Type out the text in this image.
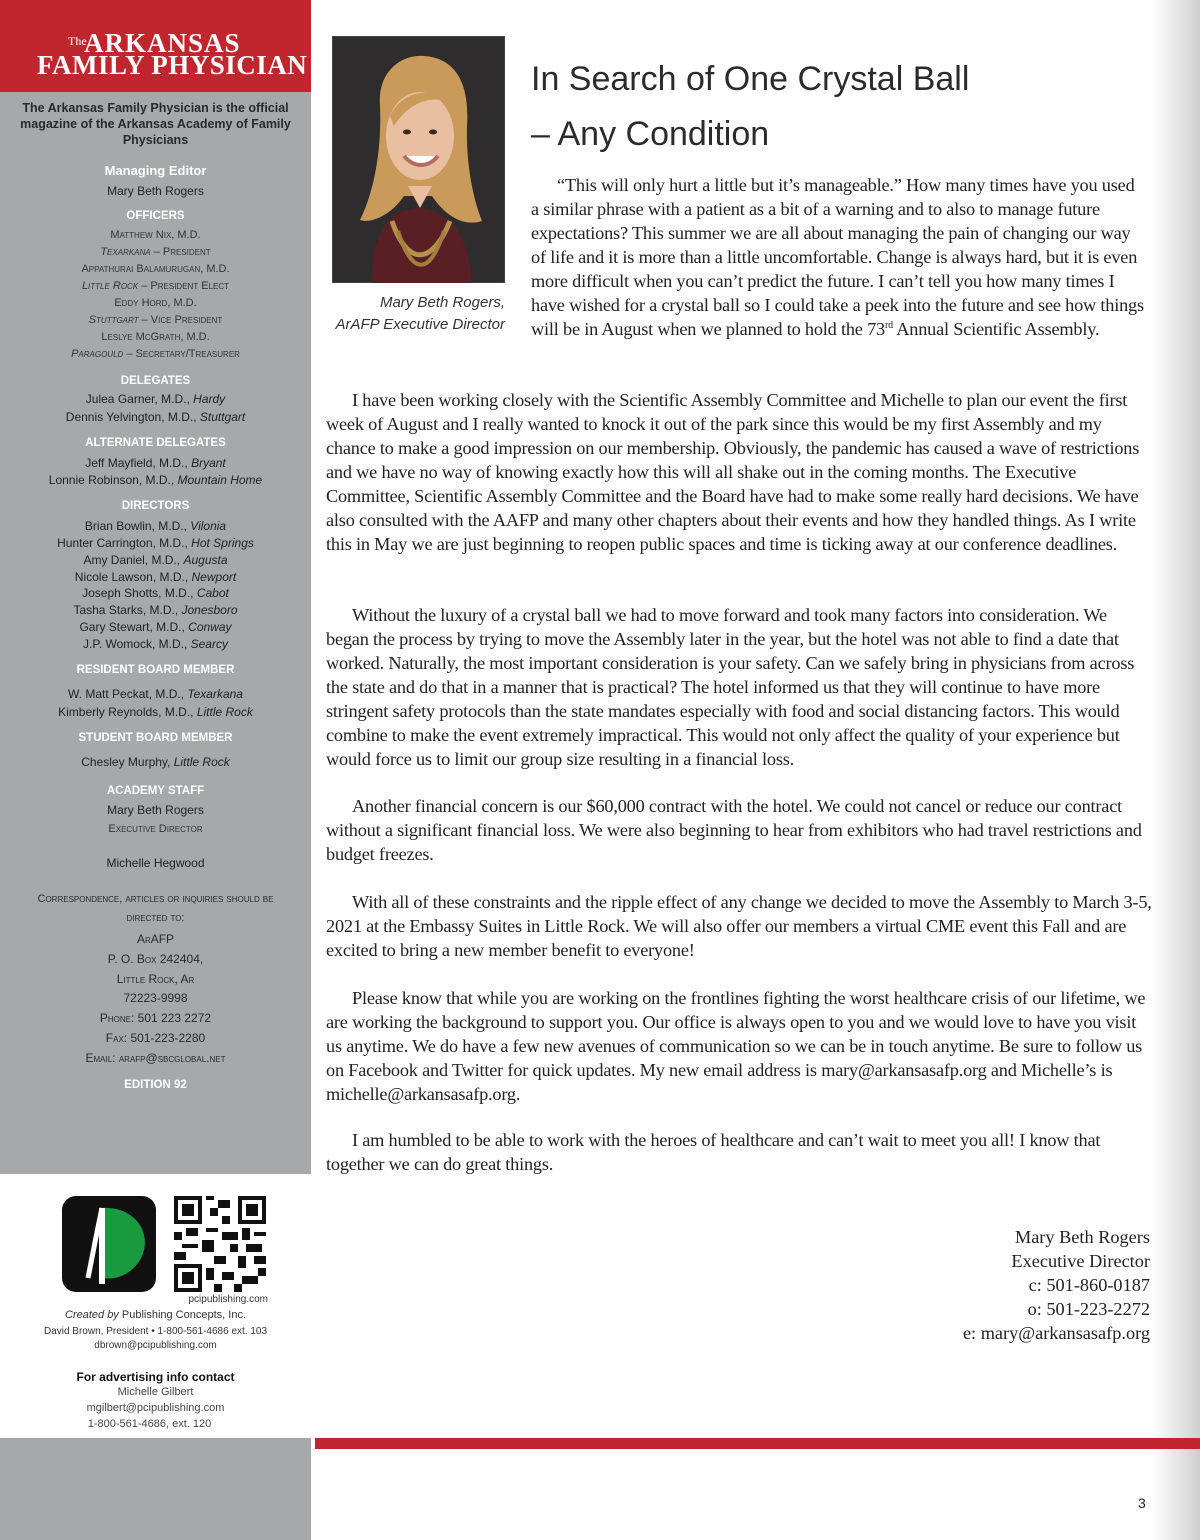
The
ARKANSAS
FAMILY PHYSICIAN
The Arkansas Family Physician is the official magazine of the Arkansas Academy of Family Physicians
Managing Editor
Mary Beth Rogers
OFFICERS
Matthew Nix, M.D.
Texarkana – President
Appathurai Balamurugan, M.D.
Little Rock – President Elect
Eddy Hord, M.D.
Stuttgart – Vice President
Leslye McGrath, M.D.
Paragould – Secretary/Treasurer
DELEGATES
Julea Garner, M.D., Hardy
Dennis Yelvington, M.D., Stuttgart
ALTERNATE DELEGATES
Jeff Mayfield, M.D., Bryant
Lonnie Robinson, M.D., Mountain Home
DIRECTORS
Brian Bowlin, M.D., Vilonia
Hunter Carrington, M.D., Hot Springs
Amy Daniel, M.D., Augusta
Nicole Lawson, M.D., Newport
Joseph Shotts, M.D., Cabot
Tasha Starks, M.D., Jonesboro
Gary Stewart, M.D., Conway
J.P. Womock, M.D., Searcy
RESIDENT BOARD MEMBER
W. Matt Peckat, M.D., Texarkana
Kimberly Reynolds, M.D., Little Rock
STUDENT BOARD MEMBER
Chesley Murphy, Little Rock
ACADEMY STAFF
Mary Beth Rogers
Executive Director
Michelle Hegwood
Correspondence, articles or inquiries should be directed to:
ArAFP
P. O. Box 242404,
Little Rock, Ar
72223-9998
Phone: 501 223 2272
Fax: 501-223-2280
Email: arafp@sbcglobal.net
EDITION 92
pcipublishing.com
Created by Publishing Concepts, Inc.
David Brown, President • 1-800-561-4686 ext. 103
dbrown@pcipublishing.com
For advertising info contact
Michelle Gilbert
mgilbert@pcipublishing.com
1-800-561-4686, ext. 120
Mary Beth Rogers,
ArAFP Executive Director
In Search of One Crystal Ball
– Any Condition

“This will only hurt a little but it’s manageable.” How many times have you used a similar phrase with a patient as a bit of a warning and to also to manage future expectations? This summer we are all about managing the pain of changing our way of life and it is more than a little uncomfortable. Change is always hard, but it is even more difficult when you can’t predict the future. I can’t tell you how many times I have wished for a crystal ball so I could take a peek into the future and see how things will be in August when we planned to hold the 73rd Annual Scientific Assembly.

I have been working closely with the Scientific Assembly Committee and Michelle to plan our event the first week of August and I really wanted to knock it out of the park since this would be my first Assembly and my chance to make a good impression on our membership. Obviously, the pandemic has caused a wave of restrictions and we have no way of knowing exactly how this will all shake out in the coming months. The Executive Committee, Scientific Assembly Committee and the Board have had to make some really hard decisions. We have also consulted with the AAFP and many other chapters about their events and how they handled things. As I write this in May we are just beginning to reopen public spaces and time is ticking away at our conference deadlines.

Without the luxury of a crystal ball we had to move forward and took many factors into consideration. We began the process by trying to move the Assembly later in the year, but the hotel was not able to find a date that worked. Naturally, the most important consideration is your safety. Can we safely bring in physicians from across the state and do that in a manner that is practical? The hotel informed us that they will continue to have more stringent safety protocols than the state mandates especially with food and social distancing factors. This would combine to make the event extremely impractical. This would not only affect the quality of your experience but would force us to limit our group size resulting in a financial loss.

Another financial concern is our $60,000 contract with the hotel. We could not cancel or reduce our contract without a significant financial loss. We were also beginning to hear from exhibitors who had travel restrictions and budget freezes.

With all of these constraints and the ripple effect of any change we decided to move the Assembly to March 3-5, 2021 at the Embassy Suites in Little Rock. We will also offer our members a virtual CME event this Fall and are excited to bring a new member benefit to everyone!

Please know that while you are working on the frontlines fighting the worst healthcare crisis of our lifetime, we are working the background to support you. Our office is always open to you and we would love to have you visit us anytime. We do have a few new avenues of communication so we can be in touch anytime. Be sure to follow us on Facebook and Twitter for quick updates. My new email address is mary@arkansasafp.org and Michelle’s is michelle@arkansasafp.org.

I am humbled to be able to work with the heroes of healthcare and can’t wait to meet you all! I know that together we can do great things.

Mary Beth Rogers
Executive Director
c: 501-860-0187
o: 501-223-2272
e: mary@arkansasafp.org
3
